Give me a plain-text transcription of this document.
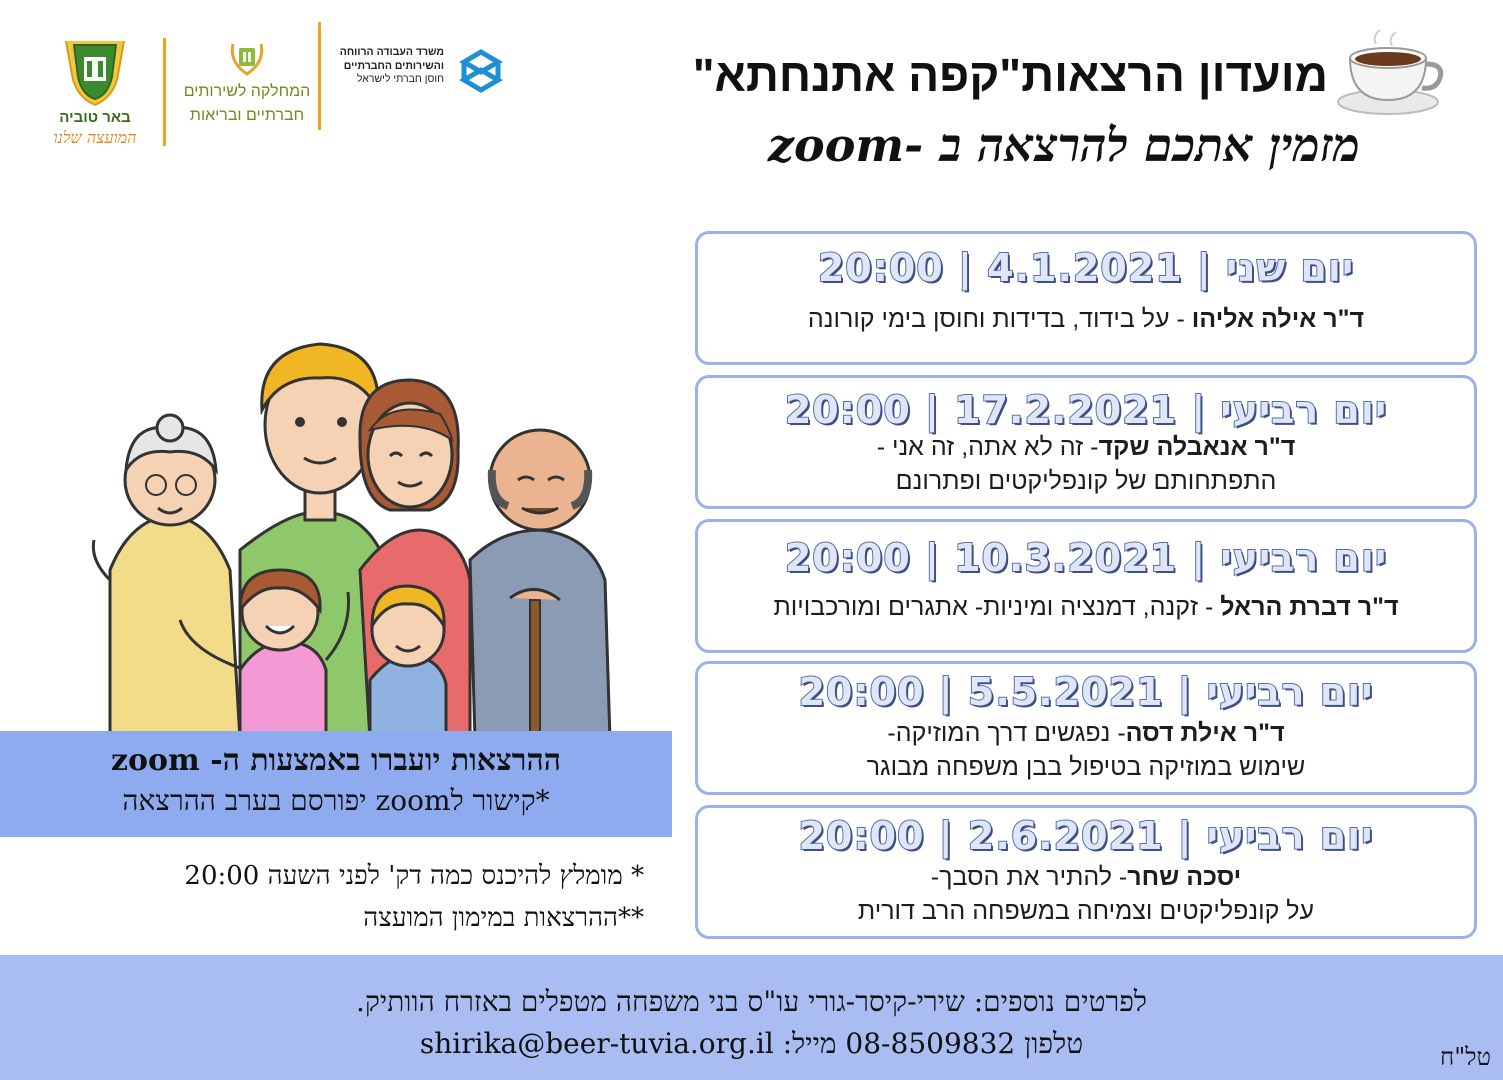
מועדון הרצאות"קפה אתנחתא"
מזמין אתכם להרצאה ב -zoom
משרד העבודה הרווחה
והשירותים החברתיים
חוסן חברתי לישראל
המחלקה לשירותים
חברתיים ובריאות
באר טוביה
המועצה שלנו
יום שני | 4.1.2021 | 20:00
ד"ר אילה אליהו - על בידוד, בדידות וחוסן בימי קורונה
יום רביעי | 17.2.2021 | 20:00
ד"ר אנאבלה שקד- זה לא אתה, זה אני -
התפתחותם של קונפליקטים ופתרונם
יום רביעי | 10.3.2021 | 20:00
ד"ר דברת הראל - זקנה, דמנציה ומיניות- אתגרים ומורכבויות
יום רביעי | 5.5.2021 | 20:00
ד"ר אילת דסה- נפגשים דרך המוזיקה-
שימוש במוזיקה בטיפול בבן משפחה מבוגר
יום רביעי | 2.6.2021 | 20:00
יסכה שחר- להתיר את הסבך-
על קונפליקטים וצמיחה במשפחה הרב דורית
ההרצאות יועברו באמצעות ה- zoom
*קישור לzoom יפורסם בערב ההרצאה
* מומלץ להיכנס כמה דק' לפני השעה 20:00
**ההרצאות במימון המועצה
לפרטים נוספים: שירי-קיסר-גורי עו"ס בני משפחה מטפלים באזרח הוותיק.
טלפון 08-8509832 מייל: shirika@beer-tuvia.org.il	טל"ח
